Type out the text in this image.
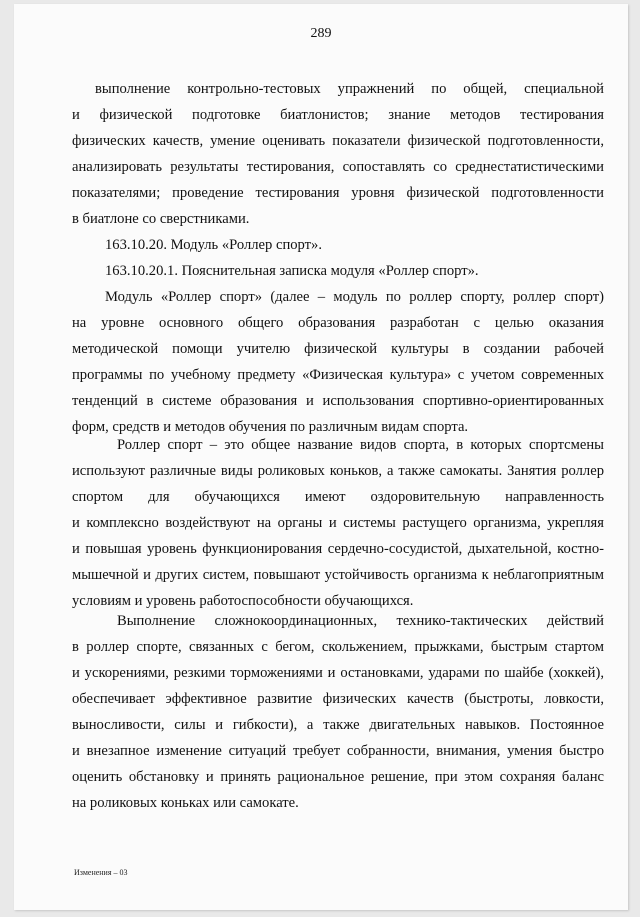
289
выполнение контрольно-тестовых упражнений по общей, специальной
и физической подготовке биатлонистов; знание методов тестирования
физических качеств, умение оценивать показатели физической подготовленности,
анализировать результаты тестирования, сопоставлять со среднестатистическими
показателями; проведение тестирования уровня физической подготовленности
в биатлоне со сверстниками.
163.10.20. Модуль «Роллер спорт».
163.10.20.1. Пояснительная записка модуля «Роллер спорт».
Модуль «Роллер спорт» (далее – модуль по роллер спорту, роллер спорт)
на уровне основного общего образования разработан с целью оказания
методической помощи учителю физической культуры в создании рабочей
программы по учебному предмету «Физическая культура» с учетом современных
тенденций в системе образования и использования спортивно-ориентированных
форм, средств и методов обучения по различным видам спорта.
Роллер спорт – это общее название видов спорта, в которых спортсмены
используют различные виды роликовых коньков, а также самокаты. Занятия роллер
спортом для обучающихся имеют оздоровительную направленность
и комплексно воздействуют на органы и системы растущего организма, укрепляя
и повышая уровень функционирования сердечно-сосудистой, дыхательной, костно-
мышечной и других систем, повышают устойчивость организма к неблагоприятным
условиям и уровень работоспособности обучающихся.
Выполнение сложнокоординационных, технико-тактических действий
в роллер спорте, связанных с бегом, скольжением, прыжками, быстрым стартом
и ускорениями, резкими торможениями и остановками, ударами по шайбе (хоккей),
обеспечивает эффективное развитие физических качеств (быстроты, ловкости,
выносливости, силы и гибкости), а также двигательных навыков. Постоянное
и внезапное изменение ситуаций требует собранности, внимания, умения быстро
оценить обстановку и принять рациональное решение, при этом сохраняя баланс
на роликовых коньках или самокате.
Изменения – 03
